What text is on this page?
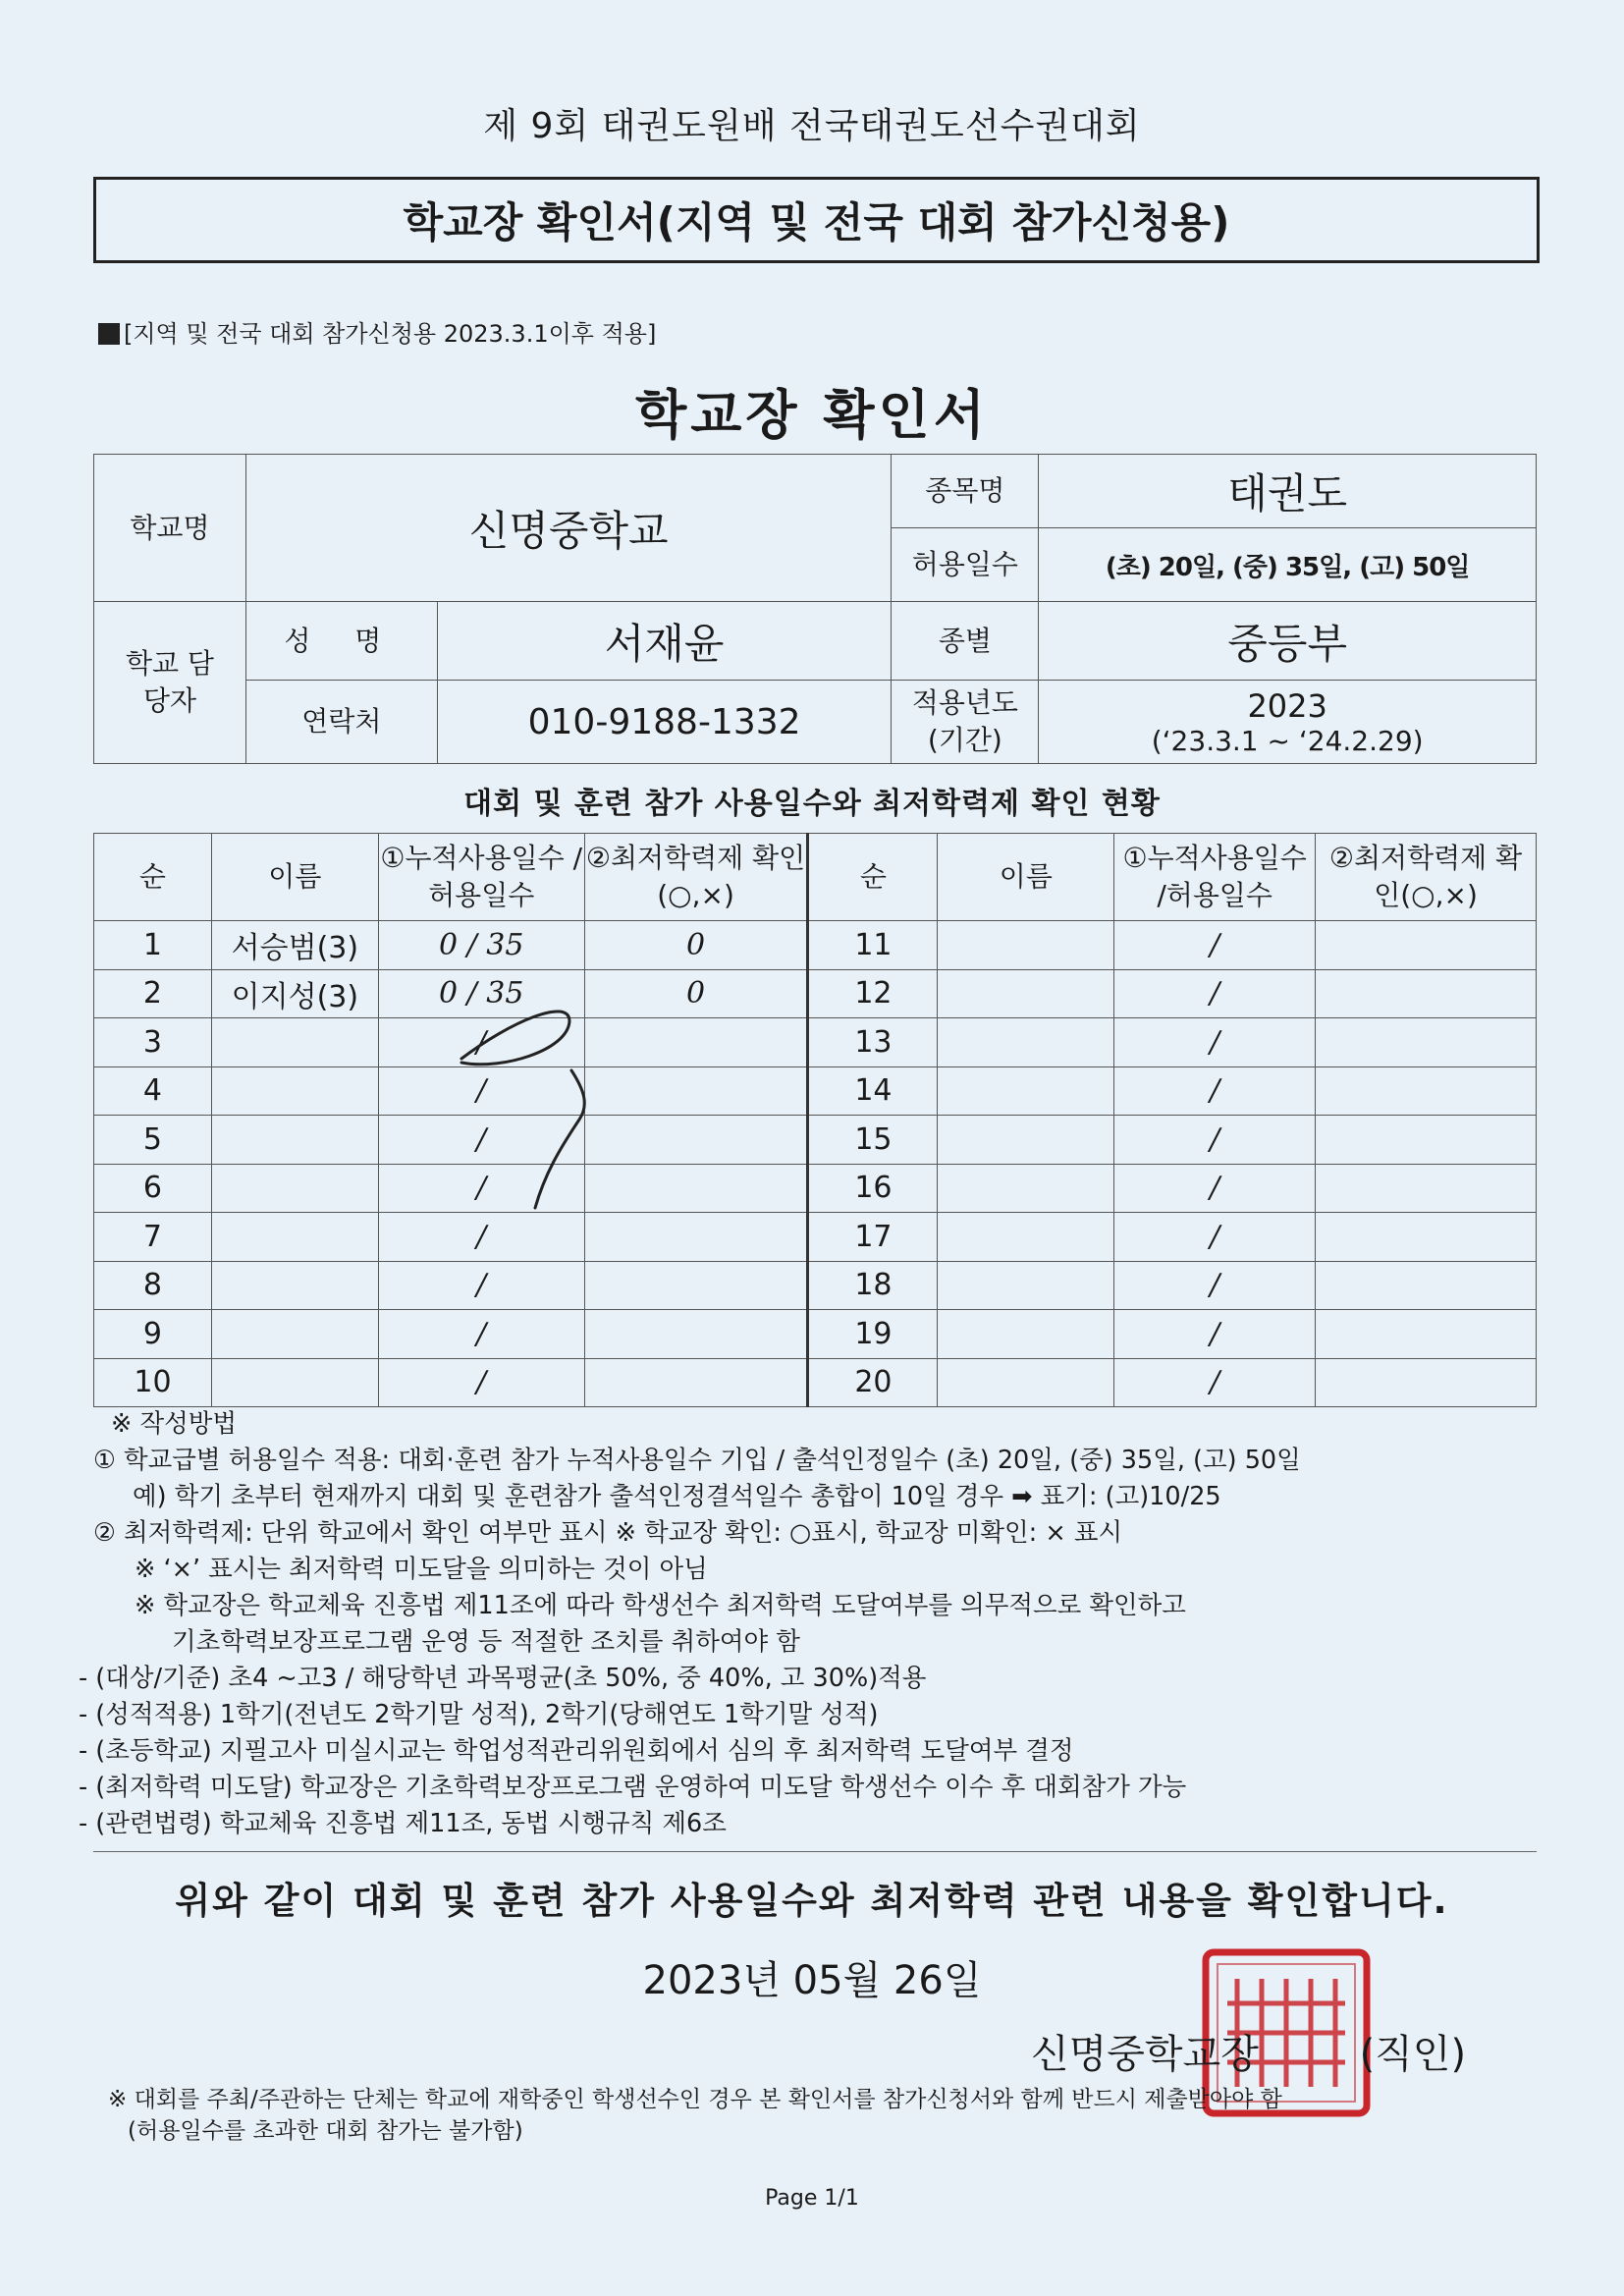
제 9회 태권도원배 전국태권도선수권대회
학교장 확인서(지역 및 전국 대회 참가신청용)
[지역 및 전국 대회 참가신청용 2023.3.1이후 적용]
학교장 확인서
학교명	신명중학교		종목명	태권도
			허용일수	(초) 20일, (중) 35일, (고) 50일
학교 담당자	성 명	서재윤	종별	중등부
	연락처	010-9188-1332	적용년도 (기간)	2023
(‘23.3.1 ~ ‘24.2.29)
대회 및 훈련 참가 사용일수와 최저학력제 확인 현황
순	이름	①누적사용일수 /허용일수	②최저학력제 확인(○,×)	순	이름	①누적사용일수 /허용일수	②최저학력제 확인(○,×)
1	서승범(3)	0 / 35	0	11		/	
2	이지성(3)	0 / 35	0	12		/	
3		/		13		/	
4		/		14		/	
5		/		15		/	
6		/		16		/	
7		/		17		/	
8		/		18		/	
9		/		19		/	
10		/		20		/	
※ 작성방법
① 학교급별 허용일수 적용: 대회·훈련 참가 누적사용일수 기입 / 출석인정일수 (초) 20일, (중) 35일, (고) 50일
예) 학기 초부터 현재까지 대회 및 훈련참가 출석인정결석일수 총합이 10일 경우 ➡ 표기: (고)10/25
② 최저학력제: 단위 학교에서 확인 여부만 표시 ※ 학교장 확인: ○표시, 학교장 미확인: × 표시
※ ‘×’ 표시는 최저학력 미도달을 의미하는 것이 아님
※ 학교장은 학교체육 진흥법 제11조에 따라 학생선수 최저학력 도달여부를 의무적으로 확인하고
기초학력보장프로그램 운영 등 적절한 조치를 취하여야 함
- (대상/기준) 초4 ~고3 / 해당학년 과목평균(초 50%, 중 40%, 고 30%)적용
- (성적적용) 1학기(전년도 2학기말 성적), 2학기(당해연도 1학기말 성적)
- (초등학교) 지필고사 미실시교는 학업성적관리위원회에서 심의 후 최저학력 도달여부 결정
- (최저학력 미도달) 학교장은 기초학력보장프로그램 운영하여 미도달 학생선수 이수 후 대회참가 가능
- (관련법령) 학교체육 진흥법 제11조, 동법 시행규칙 제6조
위와 같이 대회 및 훈련 참가 사용일수와 최저학력 관련 내용을 확인합니다.
2023년 05월 26일
신명중학교장	(직인)
※ 대회를 주최/주관하는 단체는 학교에 재학중인 학생선수인 경우 본 확인서를 참가신청서와 함께 반드시 제출받아야 함
(허용일수를 초과한 대회 참가는 불가함)
Page 1/1
